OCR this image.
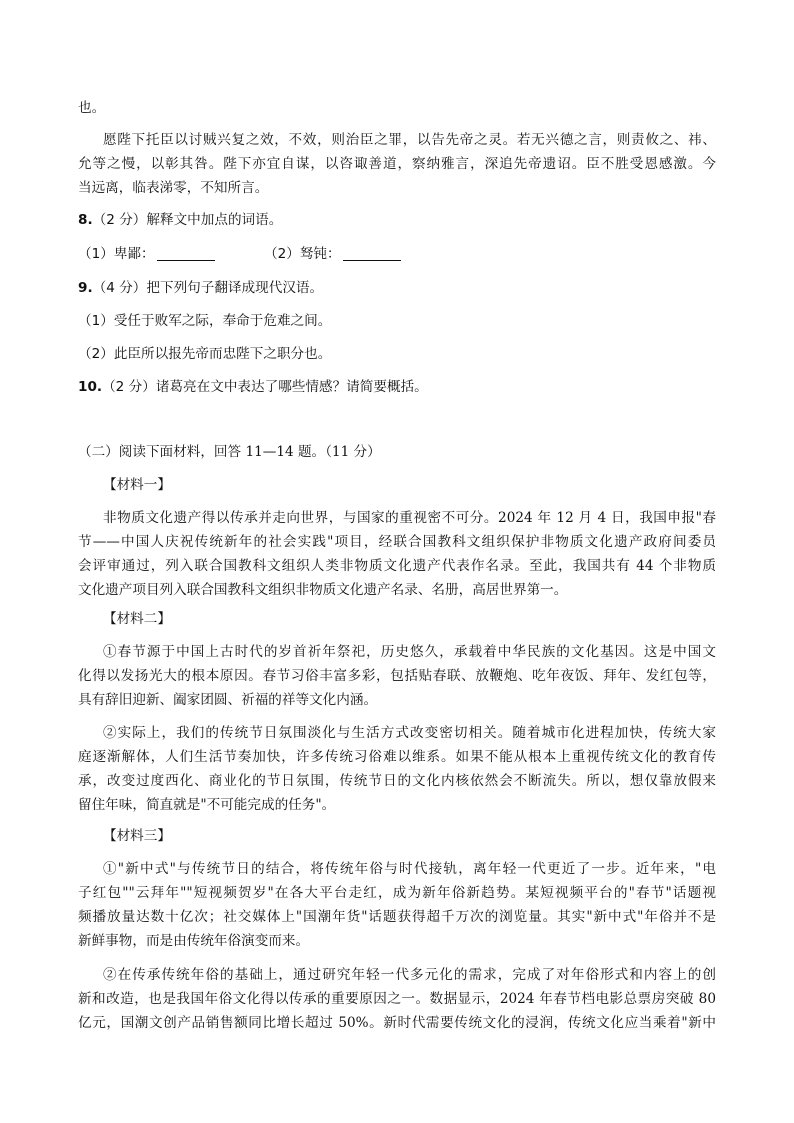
也。
愿陛下托臣以讨贼兴复之效，不效，则治臣之罪，以告先帝之灵。若无兴德之言，则责攸之、祎、
允等之慢，以彰其咎。陛下亦宜自谋，以咨诹善道，察纳雅言，深追先帝遗诏。臣不胜受恩感激。今
当远离，临表涕零，不知所言。
8.（2 分）解释文中加点的词语。
（1）卑鄙：	（2）驽钝：
9.（4 分）把下列句子翻译成现代汉语。
（1）受任于败军之际，奉命于危难之间。
（2）此臣所以报先帝而忠陛下之职分也。
10.（2 分）诸葛亮在文中表达了哪些情感？请简要概括。
（二）阅读下面材料，回答 11—14 题。（11 分）
【材料一】
非物质文化遗产得以传承并走向世界，与国家的重视密不可分。2024 年 12 月 4 日，我国申报"春
节——中国人庆祝传统新年的社会实践"项目，经联合国教科文组织保护非物质文化遗产政府间委员
会评审通过，列入联合国教科文组织人类非物质文化遗产代表作名录。至此，我国共有 44 个非物质
文化遗产项目列入联合国教科文组织非物质文化遗产名录、名册，高居世界第一。
【材料二】
①春节源于中国上古时代的岁首祈年祭祀，历史悠久，承载着中华民族的文化基因。这是中国文
化得以发扬光大的根本原因。春节习俗丰富多彩，包括贴春联、放鞭炮、吃年夜饭、拜年、发红包等，
具有辞旧迎新、阖家团圆、祈福的祥等文化内涵。
②实际上，我们的传统节日氛围淡化与生活方式改变密切相关。随着城市化进程加快，传统大家
庭逐渐解体，人们生活节奏加快，许多传统习俗难以维系。如果不能从根本上重视传统文化的教育传
承，改变过度西化、商业化的节日氛围，传统节日的文化内核依然会不断流失。所以，想仅靠放假来
留住年味，简直就是"不可能完成的任务"。
【材料三】
①"新中式"与传统节日的结合，将传统年俗与时代接轨，离年轻一代更近了一步。近年来，"电
子红包""云拜年""短视频贺岁"在各大平台走红，成为新年俗新趋势。某短视频平台的"春节"话题视
频播放量达数十亿次；社交媒体上"国潮年货"话题获得超千万次的浏览量。其实"新中式"年俗并不是
新鲜事物，而是由传统年俗演变而来。
②在传承传统年俗的基础上，通过研究年轻一代多元化的需求，完成了对年俗形式和内容上的创
新和改造，也是我国年俗文化得以传承的重要原因之一。数据显示，2024 年春节档电影总票房突破 80
亿元，国潮文创产品销售额同比增长超过 50%。新时代需要传统文化的浸润，传统文化应当乘着"新中
